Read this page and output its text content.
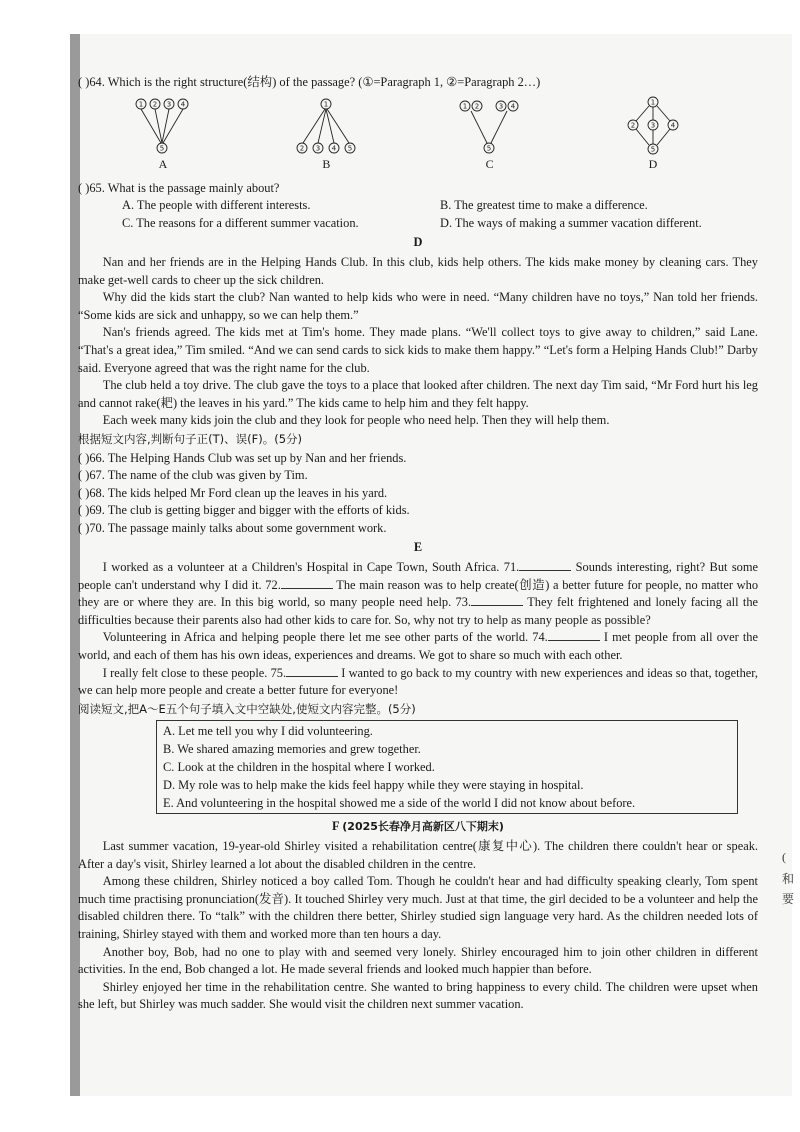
( )64. Which is the right structure(结构) of the passage? (①=Paragraph 1, ②=Paragraph 2…)
1 2 3 4
5
A
1
2 3 4 5
B
1 2	3 4
5
C
1
2 3 4
5
D
( )65. What is the passage mainly about?
A. The people with different interests.	B. The greatest time to make a difference.
C. The reasons for a different summer vacation.	D. The ways of making a summer vacation different.
D

Nan and her friends are in the Helping Hands Club. In this club, kids help others. The kids make money by cleaning cars. They make get-well cards to cheer up the sick children.

Why did the kids start the club? Nan wanted to help kids who were in need. “Many children have no toys,” Nan told her friends. “Some kids are sick and unhappy, so we can help them.”

Nan's friends agreed. The kids met at Tim's home. They made plans. “We'll collect toys to give away to children,” said Lane. “That's a great idea,” Tim smiled. “And we can send cards to sick kids to make them happy.” “Let's form a Helping Hands Club!” Darby said. Everyone agreed that was the right name for the club.

The club held a toy drive. The club gave the toys to a place that looked after children. The next day Tim said, “Mr Ford hurt his leg and cannot rake(耙) the leaves in his yard.” The kids came to help him and they felt happy.

Each week many kids join the club and they look for people who need help. Then they will help them.

根据短文内容,判断句子正(T)、误(F)。(5分)
( )66. The Helping Hands Club was set up by Nan and her friends.
( )67. The name of the club was given by Tim.
( )68. The kids helped Mr Ford clean up the leaves in his yard.
( )69. The club is getting bigger and bigger with the efforts of kids.
( )70. The passage mainly talks about some government work.
E

I worked as a volunteer at a Children's Hospital in Cape Town, South Africa. 71.	Sounds interesting, right? But some people can't understand why I did it. 72.	The main reason was to help create(创造) a better future for people, no matter who they are or where they are. In this big world, so many people need help. 73.	They felt frightened and lonely facing all the difficulties because their parents also had other kids to care for. So, why not try to help as many people as possible?

Volunteering in Africa and helping people there let me see other parts of the world. 74.	I met people from all over the world, and each of them has his own ideas, experiences and dreams. We got to share so much with each other.

I really felt close to these people. 75.	I wanted to go back to my country with new experiences and ideas so that, together, we can help more people and create a better future for everyone!

阅读短文,把A～E五个句子填入文中空缺处,使短文内容完整。(5分)
A. Let me tell you why I did volunteering.
B. We shared amazing memories and grew together.
C. Look at the children in the hospital where I worked.
D. My role was to help make the kids feel happy while they were staying in hospital.
E. And volunteering in the hospital showed me a side of the world I did not know about before.
F (2025长春净月高新区八下期末)

Last summer vacation, 19-year-old Shirley visited a rehabilitation centre(康复中心). The children there couldn't hear or speak. After a day's visit, Shirley learned a lot about the disabled children in the centre.

Among these children, Shirley noticed a boy called Tom. Though he couldn't hear and had difficulty speaking clearly, Tom spent much time practising pronunciation(发音). It touched Shirley very much. Just at that time, the girl decided to be a volunteer and help the disabled children there. To “talk” with the children there better, Shirley studied sign language very hard. As the children needed lots of training, Shirley stayed with them and worked more than ten hours a day.

Another boy, Bob, had no one to play with and seemed very lonely. Shirley encouraged him to join other children in different activities. In the end, Bob changed a lot. He made several friends and looked much happier than before.

Shirley enjoyed her time in the rehabilitation centre. She wanted to bring happiness to every child. The children were upset when she left, but Shirley was much sadder. She would visit the children next summer vacation.

(
和
要
